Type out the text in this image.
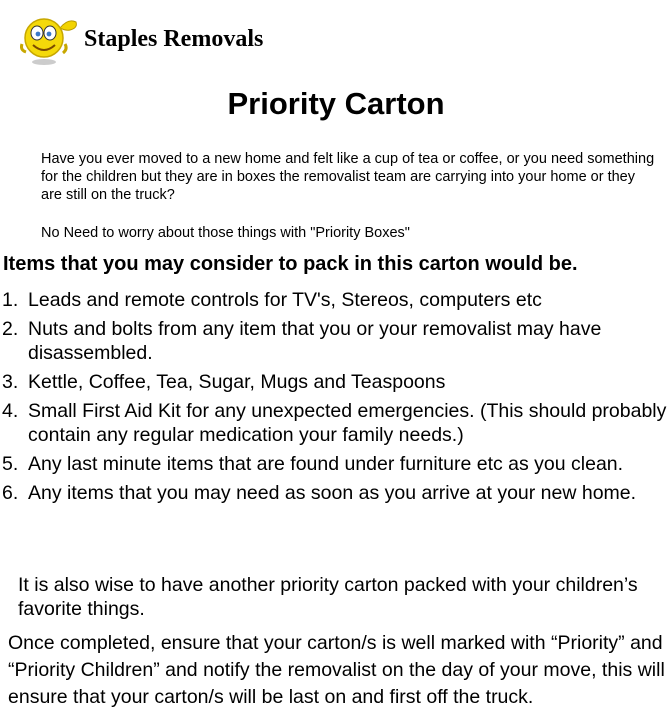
Staples Removals
Priority Carton
Have you ever moved to a new home and felt like a cup of tea or coffee, or you need something for the children but they are in boxes the removalist team are carrying into your home or they are still on the truck?
No Need to worry about those things with "Priority Boxes"
Items that you may consider to pack in this carton would be.
1. Leads and remote controls for TV's, Stereos, computers etc
2. Nuts and bolts from any item that you or your removalist may have disassembled.
3. Kettle, Coffee, Tea, Sugar, Mugs and Teaspoons
4. Small First Aid Kit for any unexpected emergencies. (This should probably contain any regular medication your family needs.)
5. Any last minute items that are found under furniture etc as you clean.
6. Any items that you may need as soon as you arrive at your new home.
It is also wise to have another priority carton packed with your children’s favorite things.
Once completed, ensure that your carton/s is well marked with “Priority” and “Priority Children” and notify the removalist on the day of your move, this will ensure that your carton/s will be last on and first off the truck.
